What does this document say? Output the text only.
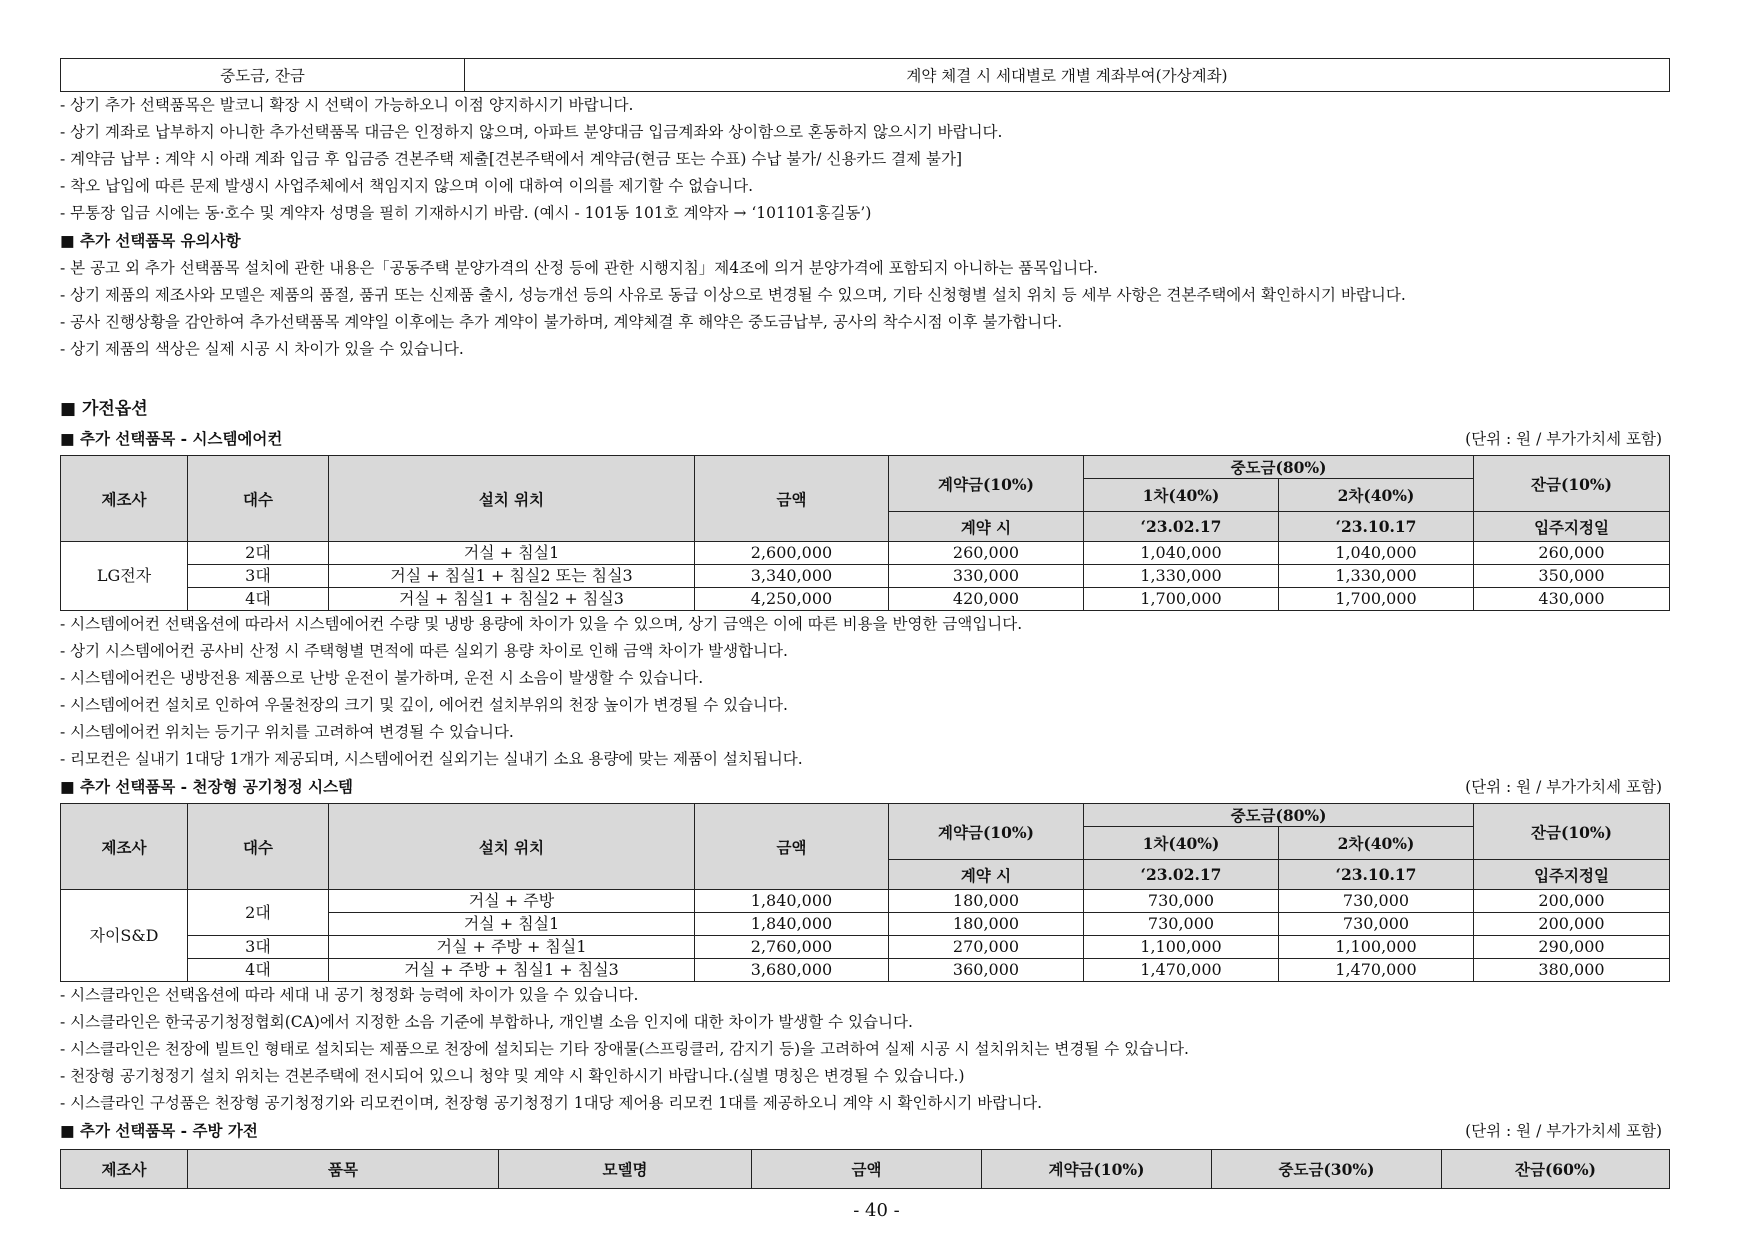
중도금, 잔금	계약 체결 시 세대별로 개별 계좌부여(가상계좌)
- 상기 추가 선택품목은 발코니 확장 시 선택이 가능하오니 이점 양지하시기 바랍니다.
- 상기 계좌로 납부하지 아니한 추가선택품목 대금은 인정하지 않으며, 아파트 분양대금 입금계좌와 상이함으로 혼동하지 않으시기 바랍니다.
- 계약금 납부 : 계약 시 아래 계좌 입금 후 입금증 견본주택 제출[견본주택에서 계약금(현금 또는 수표) 수납 불가/ 신용카드 결제 불가]
- 착오 납입에 따른 문제 발생시 사업주체에서 책임지지 않으며 이에 대하여 이의를 제기할 수 없습니다.
- 무통장 입금 시에는 동·호수 및 계약자 성명을 필히 기재하시기 바람. (예시 - 101동 101호 계약자 → ‘101101홍길동’)
■ 추가 선택품목 유의사항
- 본 공고 외 추가 선택품목 설치에 관한 내용은「공동주택 분양가격의 산정 등에 관한 시행지침」제4조에 의거 분양가격에 포함되지 아니하는 품목입니다.
- 상기 제품의 제조사와 모델은 제품의 품절, 품귀 또는 신제품 출시, 성능개선 등의 사유로 동급 이상으로 변경될 수 있으며, 기타 신청형별 설치 위치 등 세부 사항은 견본주택에서 확인하시기 바랍니다.
- 공사 진행상황을 감안하여 추가선택품목 계약일 이후에는 추가 계약이 불가하며, 계약체결 후 해약은 중도금납부, 공사의 착수시점 이후 불가합니다.
- 상기 제품의 색상은 실제 시공 시 차이가 있을 수 있습니다.
■ 가전옵션
■ 추가 선택품목 - 시스템에어컨	(단위 : 원 / 부가가치세 포함)
제조사	대수	설치 위치	금액	계약금(10%)	중도금(80%)		잔금(10%)
					1차(40%)	2차(40%)	
				계약 시	‘23.02.17	‘23.10.17	입주지정일
LG전자	2대	거실 + 침실1	2,600,000	260,000	1,040,000	1,040,000	260,000
	3대	거실 + 침실1 + 침실2 또는 침실3	3,340,000	330,000	1,330,000	1,330,000	350,000
	4대	거실 + 침실1 + 침실2 + 침실3	4,250,000	420,000	1,700,000	1,700,000	430,000
- 시스템에어컨 선택옵션에 따라서 시스템에어컨 수량 및 냉방 용량에 차이가 있을 수 있으며, 상기 금액은 이에 따른 비용을 반영한 금액입니다.
- 상기 시스템에어컨 공사비 산정 시 주택형별 면적에 따른 실외기 용량 차이로 인해 금액 차이가 발생합니다.
- 시스템에어컨은 냉방전용 제품으로 난방 운전이 불가하며, 운전 시 소음이 발생할 수 있습니다.
- 시스템에어컨 설치로 인하여 우물천장의 크기 및 깊이, 에어컨 설치부위의 천장 높이가 변경될 수 있습니다.
- 시스템에어컨 위치는 등기구 위치를 고려하여 변경될 수 있습니다.
- 리모컨은 실내기 1대당 1개가 제공되며, 시스템에어컨 실외기는 실내기 소요 용량에 맞는 제품이 설치됩니다.
■ 추가 선택품목 - 천장형 공기청정 시스템	(단위 : 원 / 부가가치세 포함)
제조사	대수	설치 위치	금액	계약금(10%)	중도금(80%)		잔금(10%)
					1차(40%)	2차(40%)	
				계약 시	‘23.02.17	‘23.10.17	입주지정일
자이S&D	2대	거실 + 주방	1,840,000	180,000	730,000	730,000	200,000
		거실 + 침실1	1,840,000	180,000	730,000	730,000	200,000
	3대	거실 + 주방 + 침실1	2,760,000	270,000	1,100,000	1,100,000	290,000
	4대	거실 + 주방 + 침실1 + 침실3	3,680,000	360,000	1,470,000	1,470,000	380,000
- 시스클라인은 선택옵션에 따라 세대 내 공기 청정화 능력에 차이가 있을 수 있습니다.
- 시스클라인은 한국공기청정협회(CA)에서 지정한 소음 기준에 부합하나, 개인별 소음 인지에 대한 차이가 발생할 수 있습니다.
- 시스클라인은 천장에 빌트인 형태로 설치되는 제품으로 천장에 설치되는 기타 장애물(스프링클러, 감지기 등)을 고려하여 실제 시공 시 설치위치는 변경될 수 있습니다.
- 천장형 공기청정기 설치 위치는 견본주택에 전시되어 있으니 청약 및 계약 시 확인하시기 바랍니다.(실별 명칭은 변경될 수 있습니다.)
- 시스클라인 구성품은 천장형 공기청정기와 리모컨이며, 천장형 공기청정기 1대당 제어용 리모컨 1대를 제공하오니 계약 시 확인하시기 바랍니다.
■ 추가 선택품목 - 주방 가전	(단위 : 원 / 부가가치세 포함)
제조사	품목	모델명	금액	계약금(10%)	중도금(30%)	잔금(60%)
- 40 -
